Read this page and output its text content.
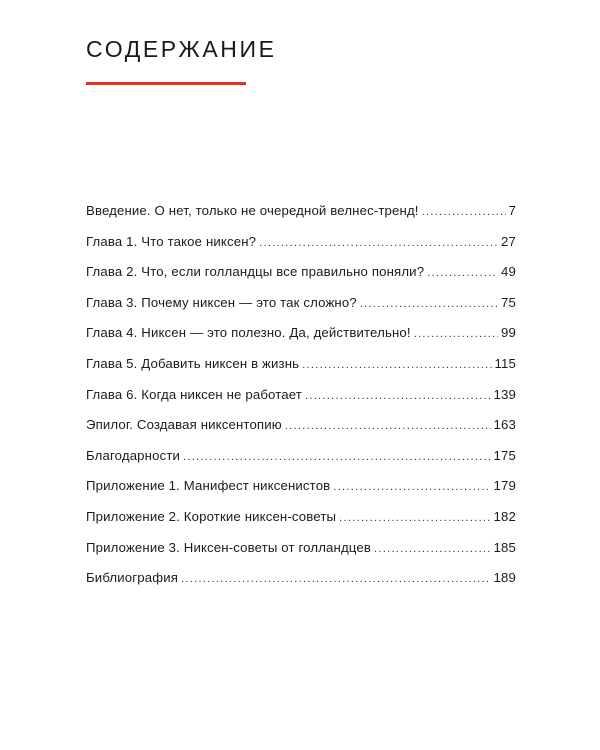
СОДЕРЖАНИЕ
Введение. О нет, только не очередной велнес-тренд! .....	7
Глава 1. Что такое никсен? .....	27
Глава 2. Что, если голландцы все правильно поняли? .....	49
Глава 3. Почему никсен — это так сложно? .....	75
Глава 4. Никсен — это полезно. Да, действительно! .....	99
Глава 5. Добавить никсен в жизнь .....	115
Глава 6. Когда никсен не работает .....	139
Эпилог. Создавая никсентопию .....	163
Благодарности .....	175
Приложение 1. Манифест никсенистов .....	179
Приложение 2. Короткие никсен-советы .....	182
Приложение 3. Никсен-советы от голландцев .....	185
Библиография .....	189
